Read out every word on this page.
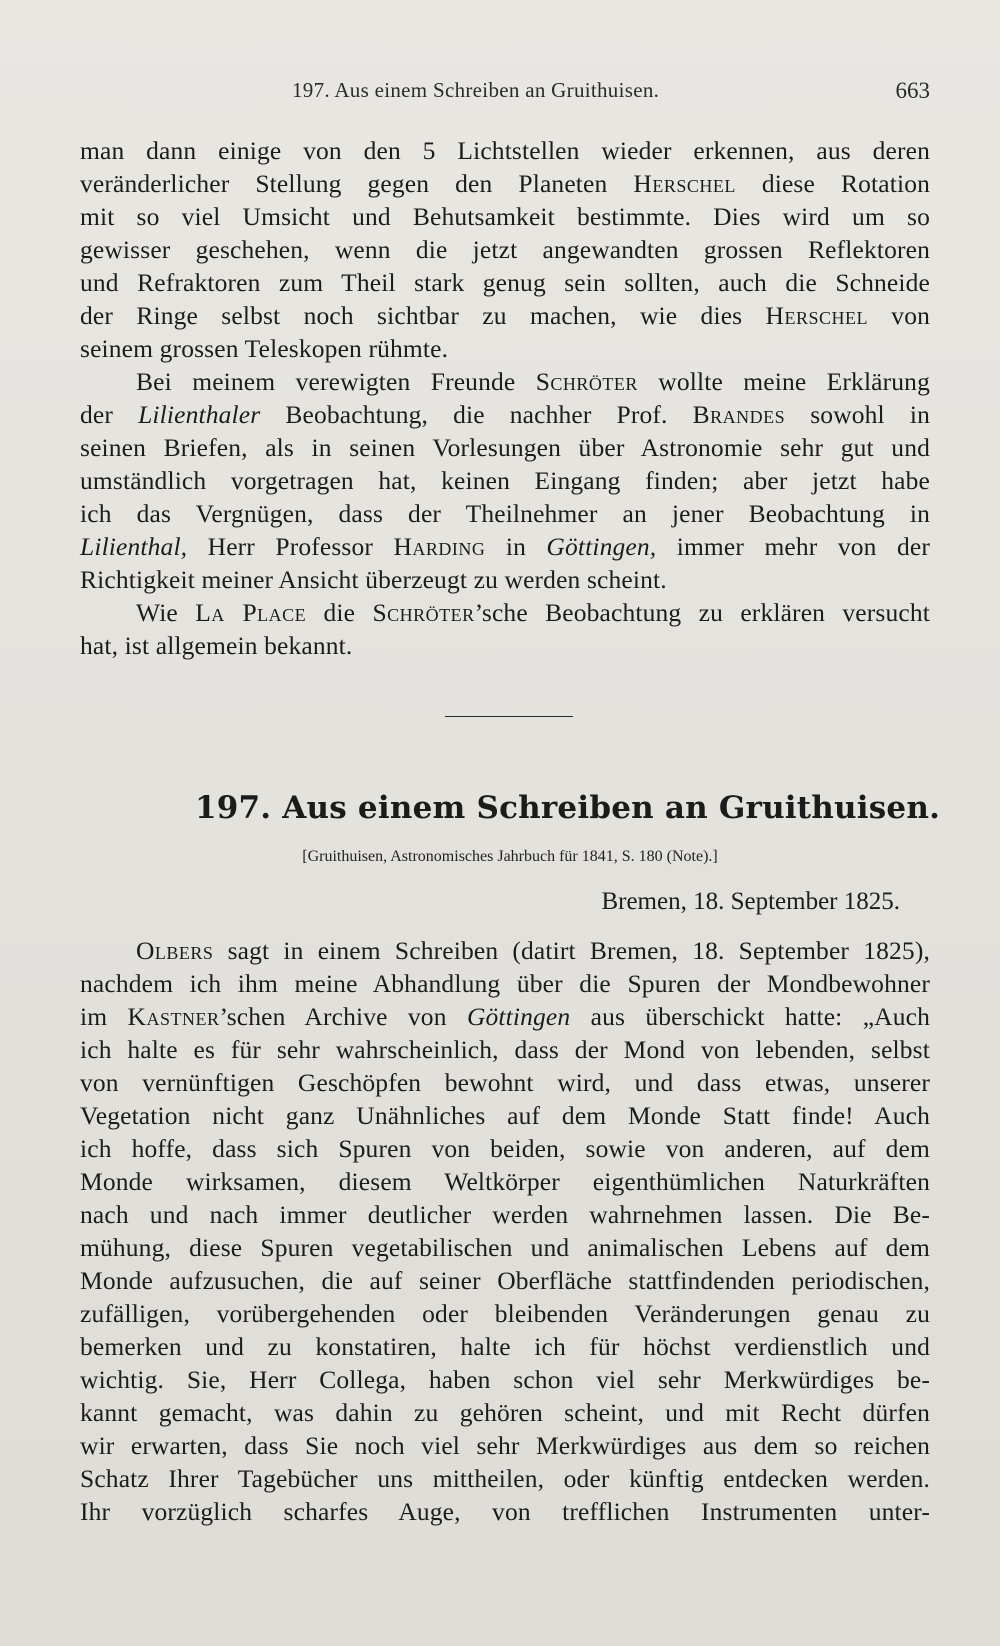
197. Aus einem Schreiben an Gruithuisen.	663
man dann einige von den 5 Lichtstellen wieder erkennen, aus deren
veränderlicher Stellung gegen den Planeten Herschel diese Rotation
mit so viel Umsicht und Behutsamkeit bestimmte. Dies wird um so
gewisser geschehen, wenn die jetzt angewandten grossen Reflektoren
und Refraktoren zum Theil stark genug sein sollten, auch die Schneide
der Ringe selbst noch sichtbar zu machen, wie dies Herschel von
seinem grossen Teleskopen rühmte.
Bei meinem verewigten Freunde Schröter wollte meine Erklärung
der Lilienthaler Beobachtung, die nachher Prof. Brandes sowohl in
seinen Briefen, als in seinen Vorlesungen über Astronomie sehr gut und
umständlich vorgetragen hat, keinen Eingang finden; aber jetzt habe
ich das Vergnügen, dass der Theilnehmer an jener Beobachtung in
Lilienthal, Herr Professor Harding in Göttingen, immer mehr von der
Richtigkeit meiner Ansicht überzeugt zu werden scheint.
Wie La Place die Schröter’sche Beobachtung zu erklären versucht
hat, ist allgemein bekannt.
197. Aus einem Schreiben an Gruithuisen.
[Gruithuisen, Astronomisches Jahrbuch für 1841, S. 180 (Note).]
Bremen, 18. September 1825.
Olbers sagt in einem Schreiben (datirt Bremen, 18. September 1825),
nachdem ich ihm meine Abhandlung über die Spuren der Mondbewohner
im Kastner’schen Archive von Göttingen aus überschickt hatte: „Auch
ich halte es für sehr wahrscheinlich, dass der Mond von lebenden, selbst
von vernünftigen Geschöpfen bewohnt wird, und dass etwas, unserer
Vegetation nicht ganz Unähnliches auf dem Monde Statt finde! Auch
ich hoffe, dass sich Spuren von beiden, sowie von anderen, auf dem
Monde wirksamen, diesem Weltkörper eigenthümlichen Naturkräften
nach und nach immer deutlicher werden wahrnehmen lassen. Die Be-
mühung, diese Spuren vegetabilischen und animalischen Lebens auf dem
Monde aufzusuchen, die auf seiner Oberfläche stattfindenden periodischen,
zufälligen, vorübergehenden oder bleibenden Veränderungen genau zu
bemerken und zu konstatiren, halte ich für höchst verdienstlich und
wichtig. Sie, Herr Collega, haben schon viel sehr Merkwürdiges be-
kannt gemacht, was dahin zu gehören scheint, und mit Recht dürfen
wir erwarten, dass Sie noch viel sehr Merkwürdiges aus dem so reichen
Schatz Ihrer Tagebücher uns mittheilen, oder künftig entdecken werden.
Ihr vorzüglich scharfes Auge, von trefflichen Instrumenten unter-
